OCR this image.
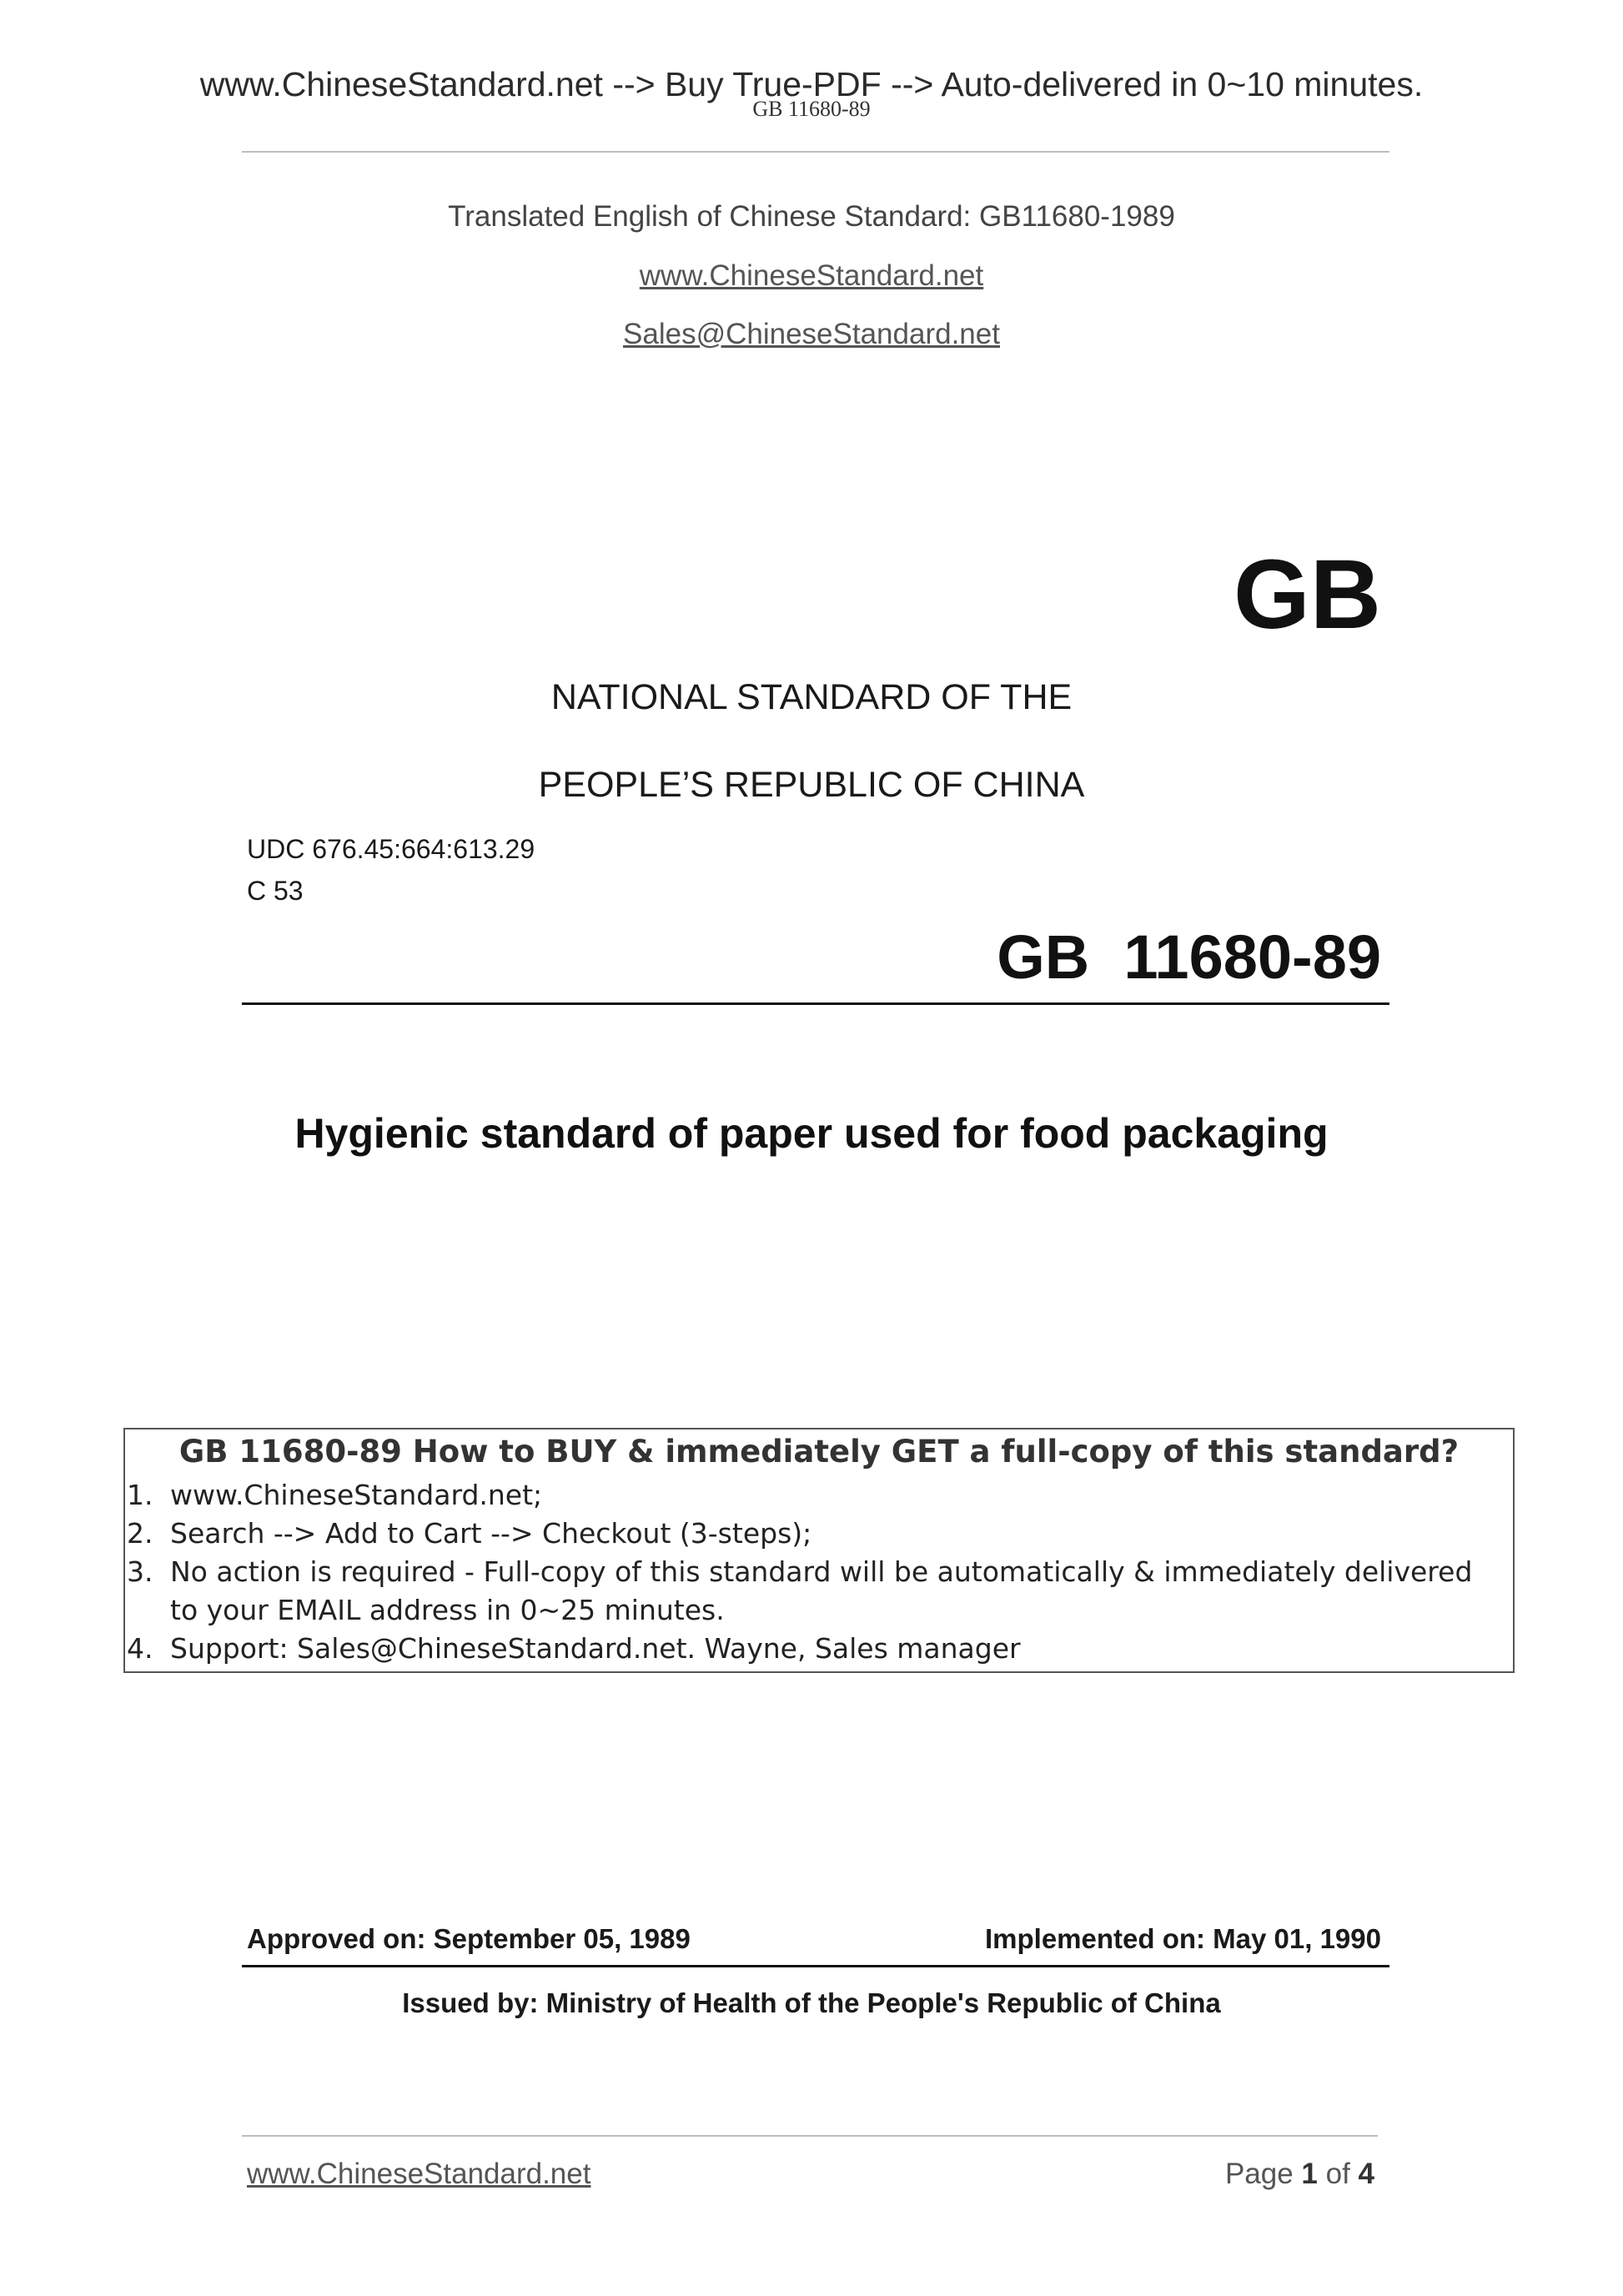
www.ChineseStandard.net --> Buy True-PDF --> Auto-delivered in 0~10 minutes.
GB 11680-89
Translated English of Chinese Standard: GB11680-1989
www.ChineseStandard.net
Sales@ChineseStandard.net
GB
NATIONAL STANDARD OF THE
PEOPLE’S REPUBLIC OF CHINA
UDC 676.45:664:613.29
C 53
GB  11680-89
Hygienic standard of paper used for food packaging
GB 11680-89 How to BUY & immediately GET a full-copy of this standard?
1. www.ChineseStandard.net;
2. Search --> Add to Cart --> Checkout (3-steps);
3. No action is required - Full-copy of this standard will be automatically & immediately delivered to your EMAIL address in 0~25 minutes.
4. Support: Sales@ChineseStandard.net. Wayne, Sales manager
Approved on: September 05, 1989	Implemented on: May 01, 1990
Issued by: Ministry of Health of the People's Republic of China
www.ChineseStandard.net	Page 1 of 4
